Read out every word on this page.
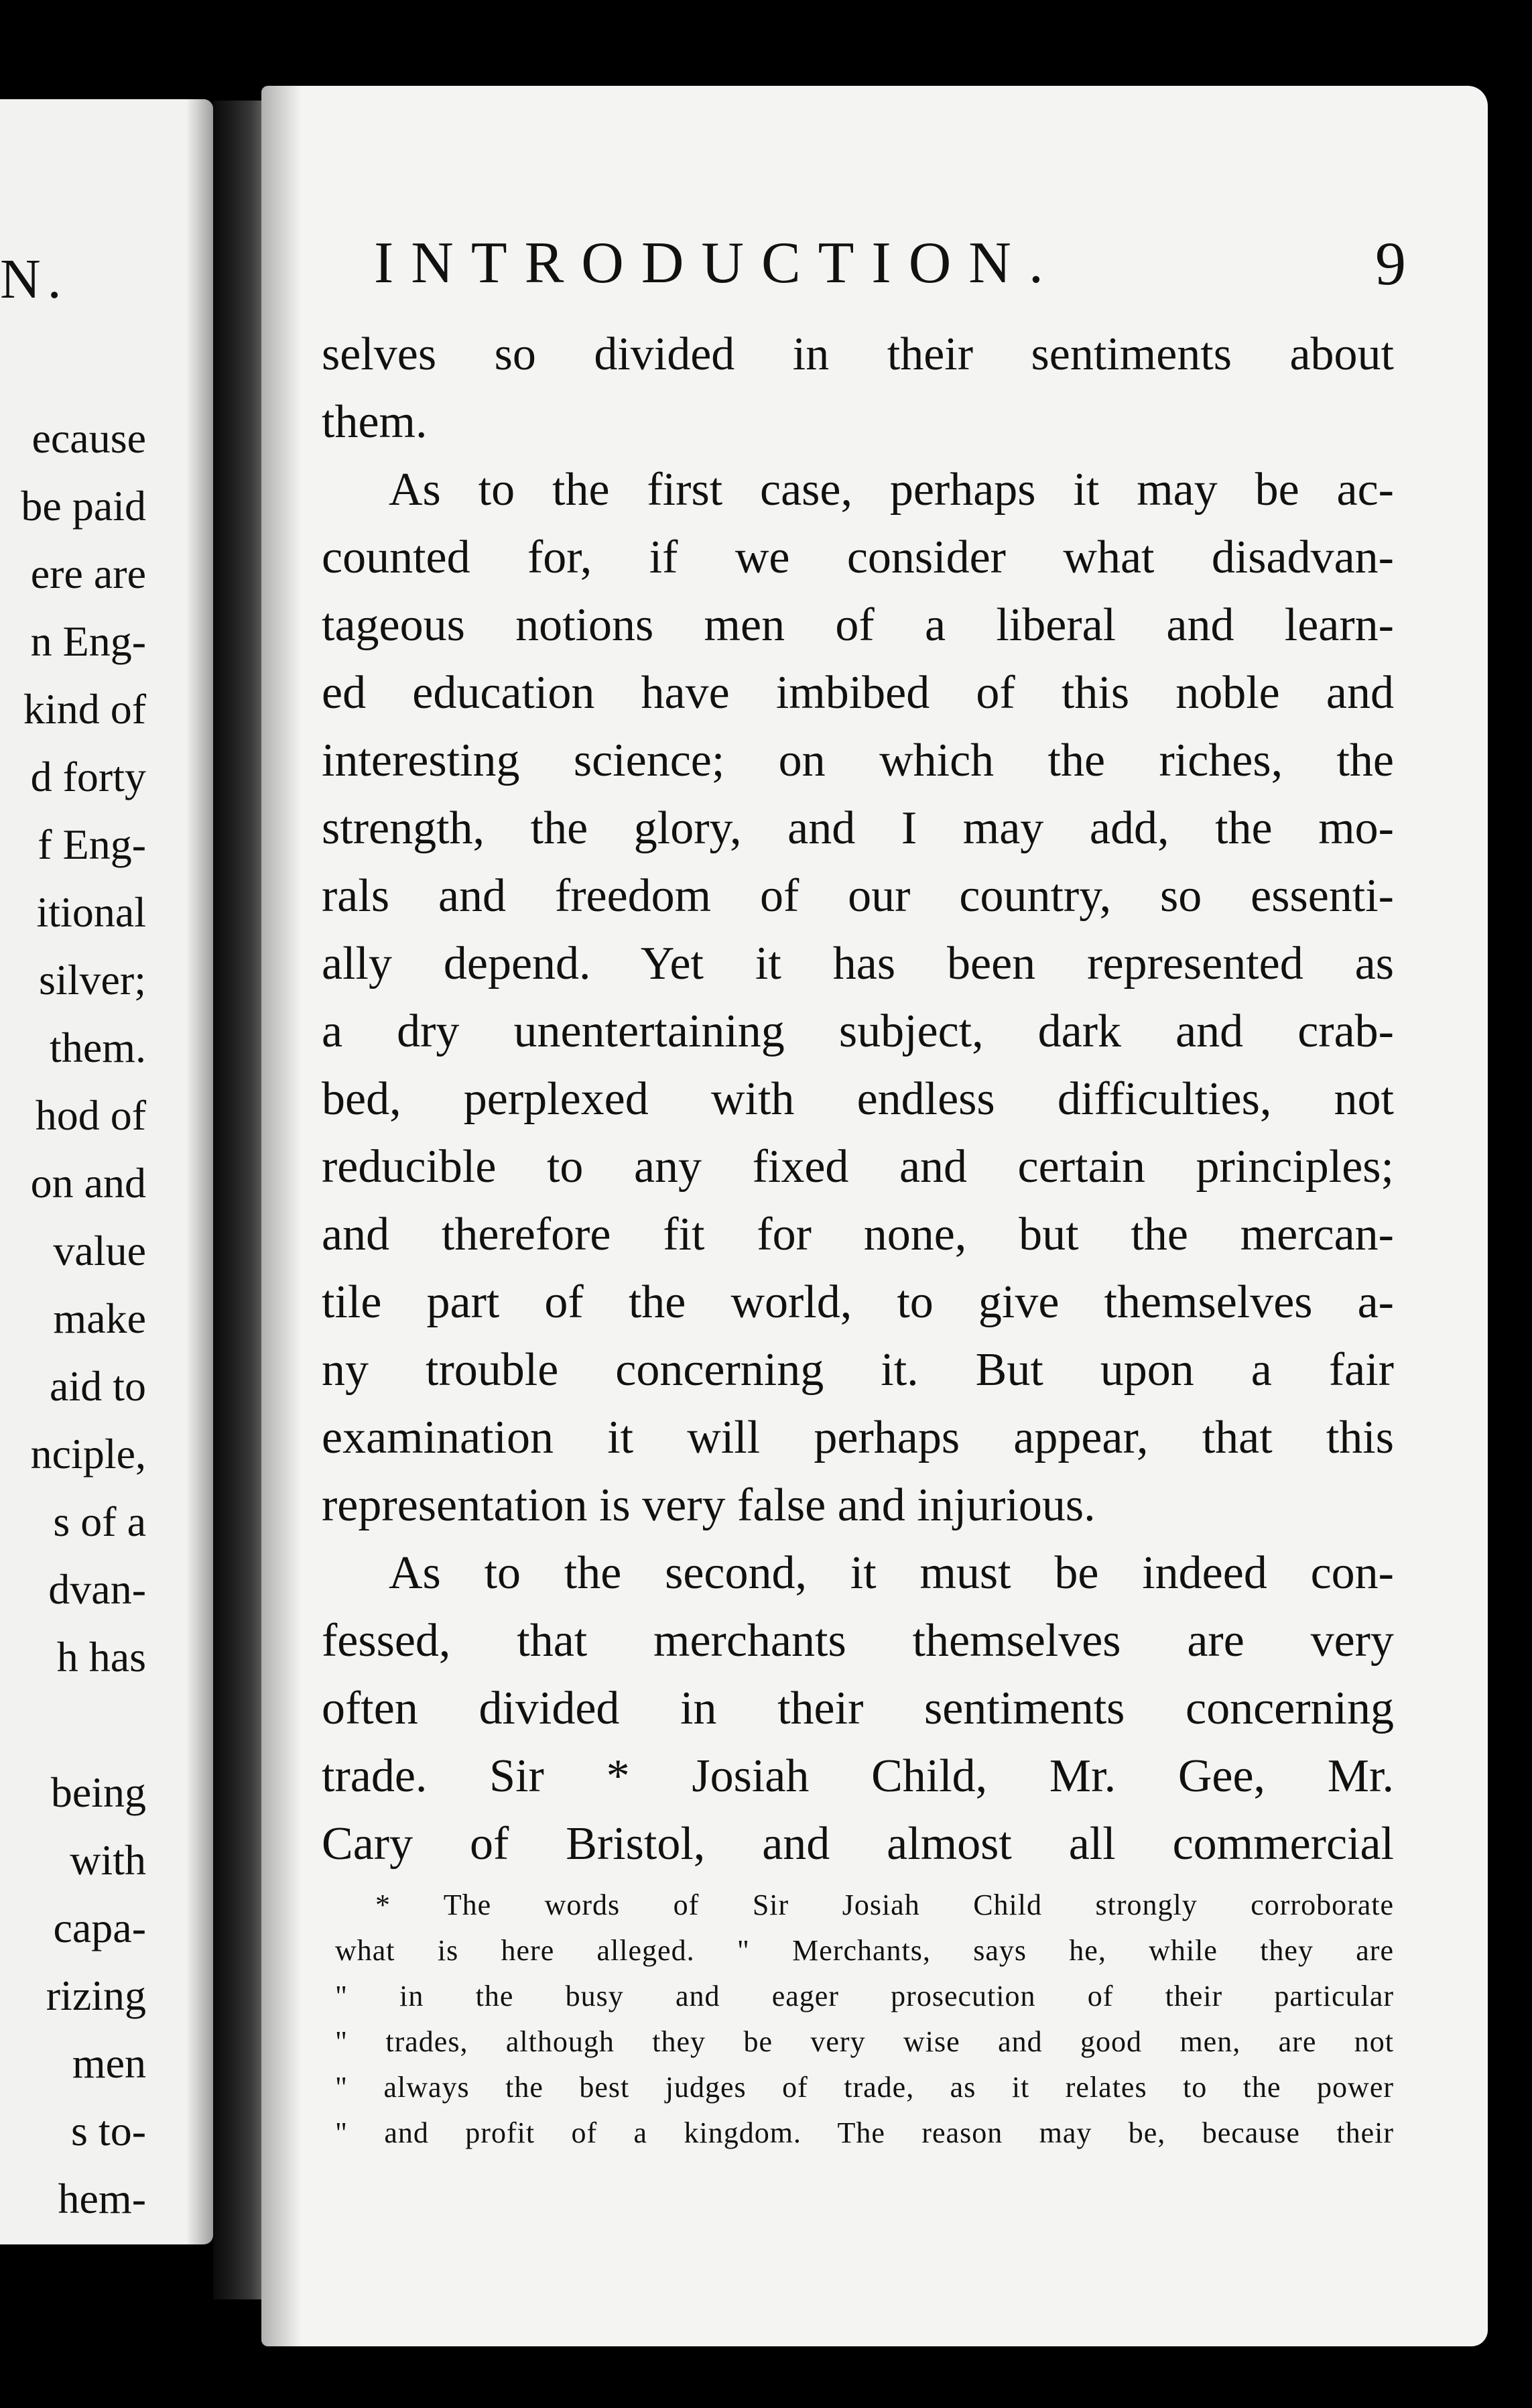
N.
ecause
be paid
ere are
n Eng-
kind of
d forty
f Eng-
itional
silver;
them.
hod of
on and
value
make
aid to
nciple,
s of a
dvan-
h has
being
with
capa-
rizing
men
s to-
hem-
INTRODUCTION.	9
selves so divided in their sentiments about
them.
As to the first case, perhaps it may be ac-
counted for, if we consider what disadvan-
tageous notions men of a liberal and learn-
ed education have imbibed of this noble and
interesting science; on which the riches, the
strength, the glory, and I may add, the mo-
rals and freedom of our country, so essenti-
ally depend. Yet it has been represented as
a dry unentertaining subject, dark and crab-
bed, perplexed with endless difficulties, not
reducible to any fixed and certain principles;
and therefore fit for none, but the mercan-
tile part of the world, to give themselves a-
ny trouble concerning it. But upon a fair
examination it will perhaps appear, that this
representation is very false and injurious.
As to the second, it must be indeed con-
fessed, that merchants themselves are very
often divided in their sentiments concerning
trade. Sir * Josiah Child, Mr. Gee, Mr.
Cary of Bristol, and almost all commercial
* The words of Sir Josiah Child strongly corroborate
what is here alleged. " Merchants, says he, while they are
" in the busy and eager prosecution of their particular
" trades, although they be very wise and good men, are not
" always the best judges of trade, as it relates to the power
" and profit of a kingdom. The reason may be, because their
